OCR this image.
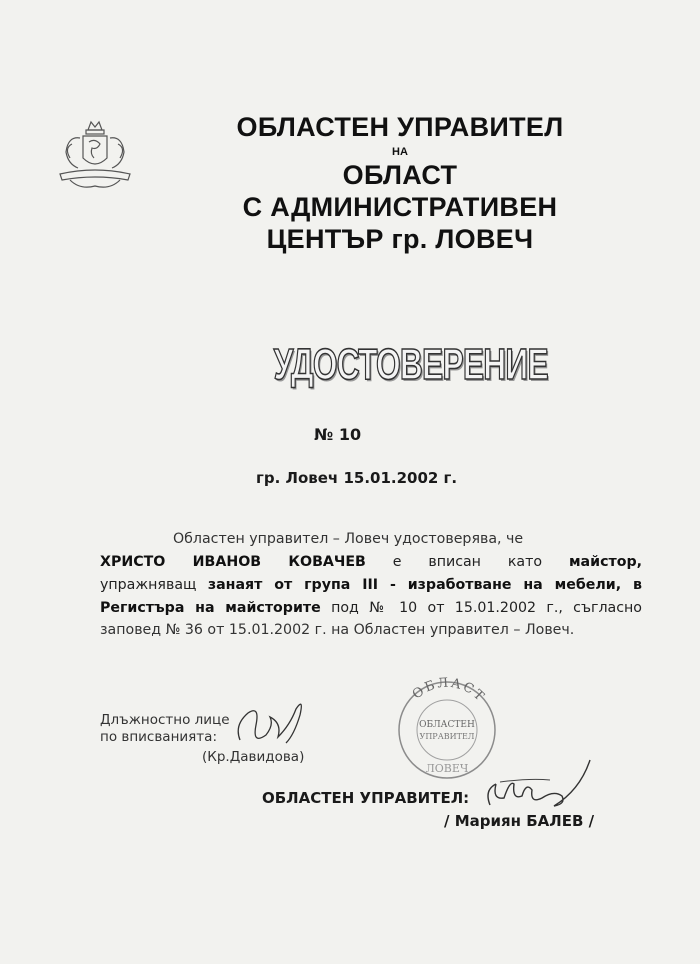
ОБЛАСТЕН УПРАВИТЕЛ
НА
ОБЛАСТ
С АДМИНИСТРАТИВЕН
ЦЕНТЪР гр. ЛОВЕЧ
УДОСТОВЕРЕНИЕ
№ 10
гр. Ловеч 15.01.2002 г.
Областен управител – Ловеч удостоверява, че
ХРИСТО ИВАНОВ КОВАЧЕВ е вписан като майстор,
упражняващ занаят от група III - изработване на мебели, в
Регистъра на майсторите под № 10 от 15.01.2002 г., съгласно
заповед № 36 от 15.01.2002 г. на Областен управител – Ловеч.
Длъжностно лице
по вписванията:
(Кр.Давидова)
ОБЛАСТ
ОБЛАСТЕН
УПРАВИТЕЛ
ЛОВЕЧ
ОБЛАСТЕН УПРАВИТЕЛ:
/ Мариян БАЛЕВ /
